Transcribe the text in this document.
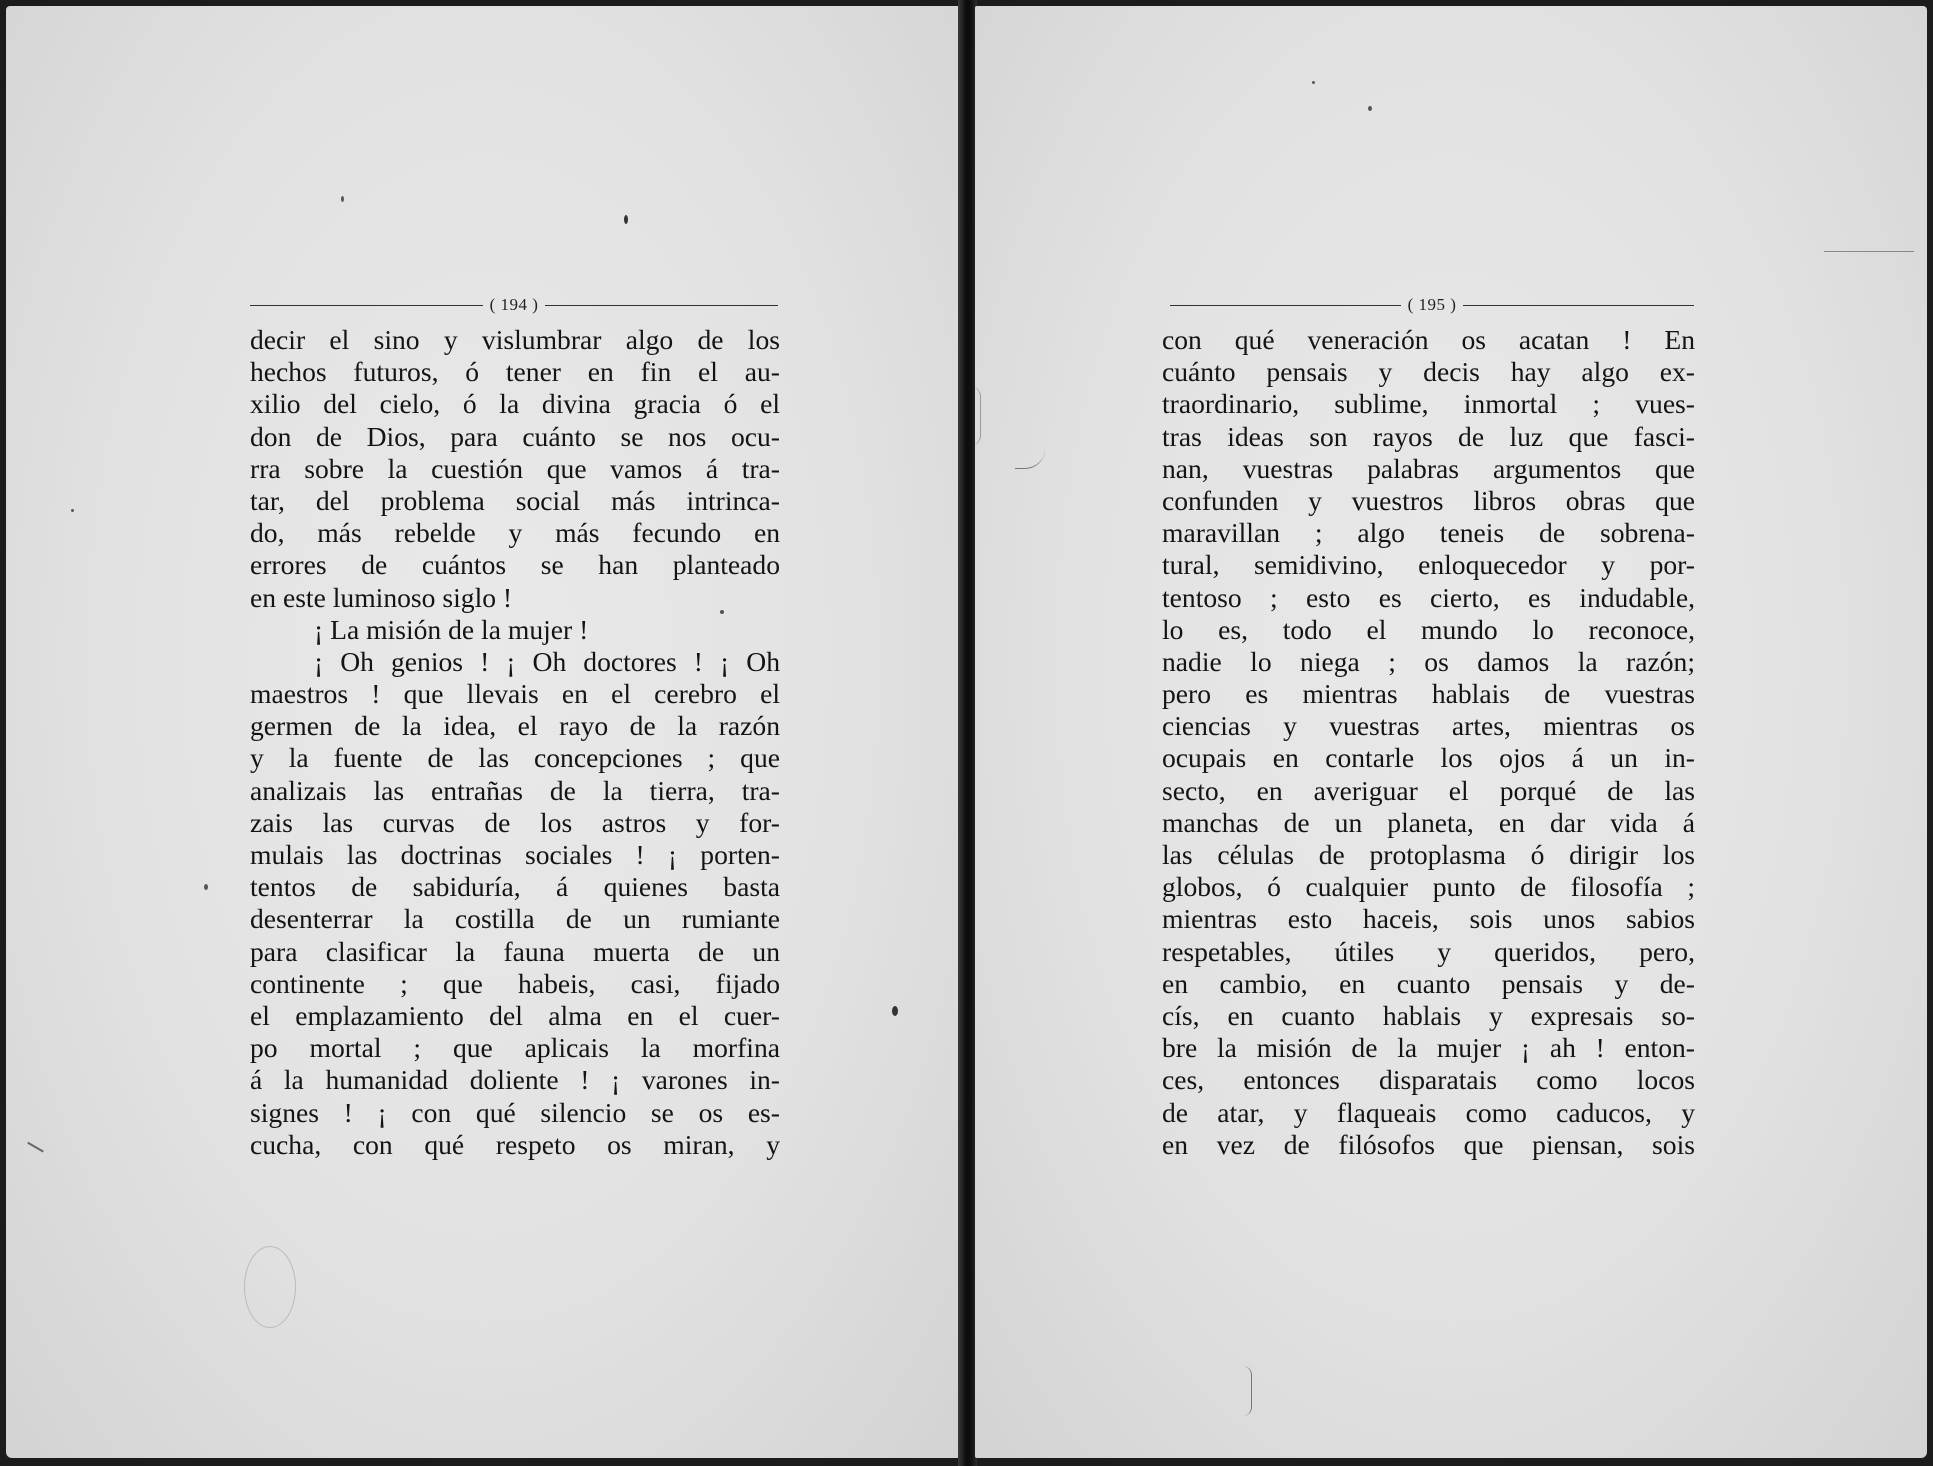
( 194 )
decir el sino y vislumbrar algo de los
hechos futuros, ó tener en fin el au-
xilio del cielo, ó la divina gracia ó el
don de Dios, para cuánto se nos ocu-
rra sobre la cuestión que vamos á tra-
tar, del problema social más intrinca-
do, más rebelde y más fecundo en
errores de cuántos se han planteado
en este luminoso siglo !
¡ La misión de la mujer !
¡ Oh genios ! ¡ Oh doctores ! ¡ Oh
maestros ! que llevais en el cerebro el
germen de la idea, el rayo de la razón
y la fuente de las concepciones ; que
analizais las entrañas de la tierra, tra-
zais las curvas de los astros y for-
mulais las doctrinas sociales ! ¡ porten-
tentos de sabiduría, á quienes basta
desenterrar la costilla de un rumiante
para clasificar la fauna muerta de un
continente ; que habeis, casi, fijado
el emplazamiento del alma en el cuer-
po mortal ; que aplicais la morfina
á la humanidad doliente ! ¡ varones in-
signes ! ¡ con qué silencio se os es-
cucha, con qué respeto os miran, y
( 195 )
con qué veneración os acatan ! En
cuánto pensais y decis hay algo ex-
traordinario, sublime, inmortal ; vues-
tras ideas son rayos de luz que fasci-
nan, vuestras palabras argumentos que
confunden y vuestros libros obras que
maravillan ; algo teneis de sobrena-
tural, semidivino, enloquecedor y por-
tentoso ; esto es cierto, es indudable,
lo es, todo el mundo lo reconoce,
nadie lo niega ; os damos la razón;
pero es mientras hablais de vuestras
ciencias y vuestras artes, mientras os
ocupais en contarle los ojos á un in-
secto, en averiguar el porqué de las
manchas de un planeta, en dar vida á
las células de protoplasma ó dirigir los
globos, ó cualquier punto de filosofía ;
mientras esto haceis, sois unos sabios
respetables, útiles y queridos, pero,
en cambio, en cuanto pensais y de-
cís, en cuanto hablais y expresais so-
bre la misión de la mujer ¡ ah ! enton-
ces, entonces disparatais como locos
de atar, y flaqueais como caducos, y
en vez de filósofos que piensan, sois
